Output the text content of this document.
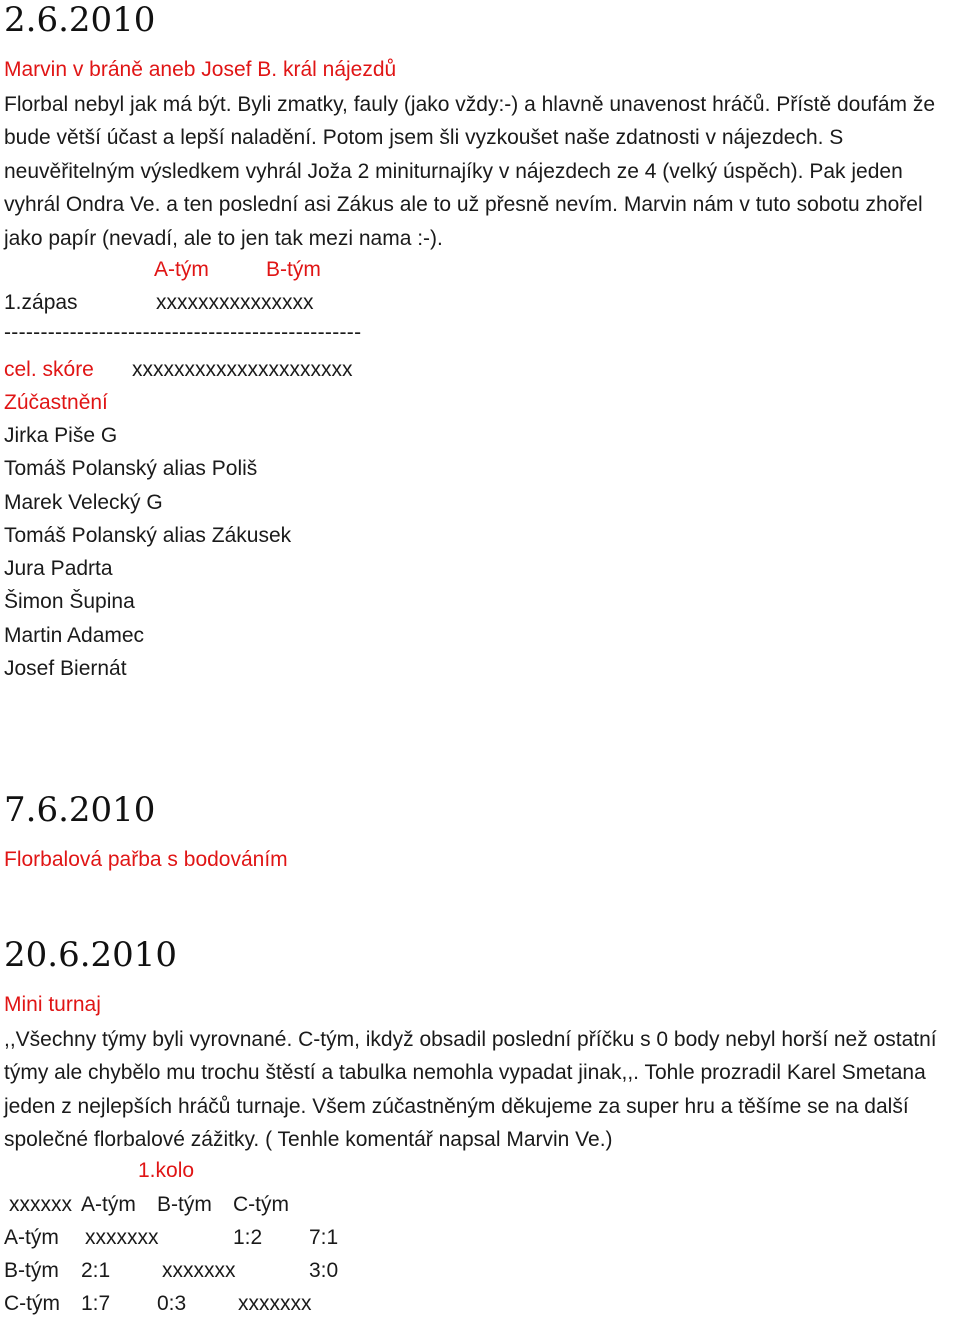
2.6.2010
Marvin v bráně aneb Josef B. král nájezdů
Florbal nebyl jak má být. Byli zmatky, fauly (jako vždy:-) a hlavně unavenost hráčů. Přístě doufám že bude větší účast a lepší naladění. Potom jsem šli vyzkoušet naše zdatnosti v nájezdech. S neuvěřitelným výsledkem vyhrál Joža 2 miniturnajíky v nájezdech ze 4 (velký úspěch). Pak jeden vyhrál Ondra Ve. a ten poslední asi Zákus ale to už přesně nevím. Marvin nám v tuto sobotu zhořel jako papír (nevadí, ale to jen tak mezi nama :-).
A-tým	B-tým
1.zápas	xxxxxxxxxxxxxxx
-------------------------------------------------
cel. skóre xxxxxxxxxxxxxxxxxxxxx
Zúčastnění
Jirka Piše G
Tomáš Polanský alias Poliš
Marek Velecký G
Tomáš Polanský alias Zákusek
Jura Padrta
Šimon Šupina
Martin Adamec
Josef Biernát
7.6.2010
Florbalová pařba s bodováním
20.6.2010
Mini turnaj
,,Všechny týmy byli vyrovnané. C-tým, ikdyž obsadil poslední příčku s 0 body nebyl horší než ostatní týmy ale chybělo mu trochu štěstí a tabulka nemohla vypadat jinak,,. Tohle prozradil Karel Smetana jeden z nejlepších hráčů turnaje. Všem zúčastněným děkujeme za super hru a těšíme se na další společné florbalové zážitky. ( Tenhle komentář napsal Marvin Ve.)
1.kolo
xxxxxx A-tým B-tým C-tým
A-tým xxxxxxx	1:2 7:1
B-tým 2:1 xxxxxxx	3:0
C-tým 1:7 0:3 xxxxxxx
